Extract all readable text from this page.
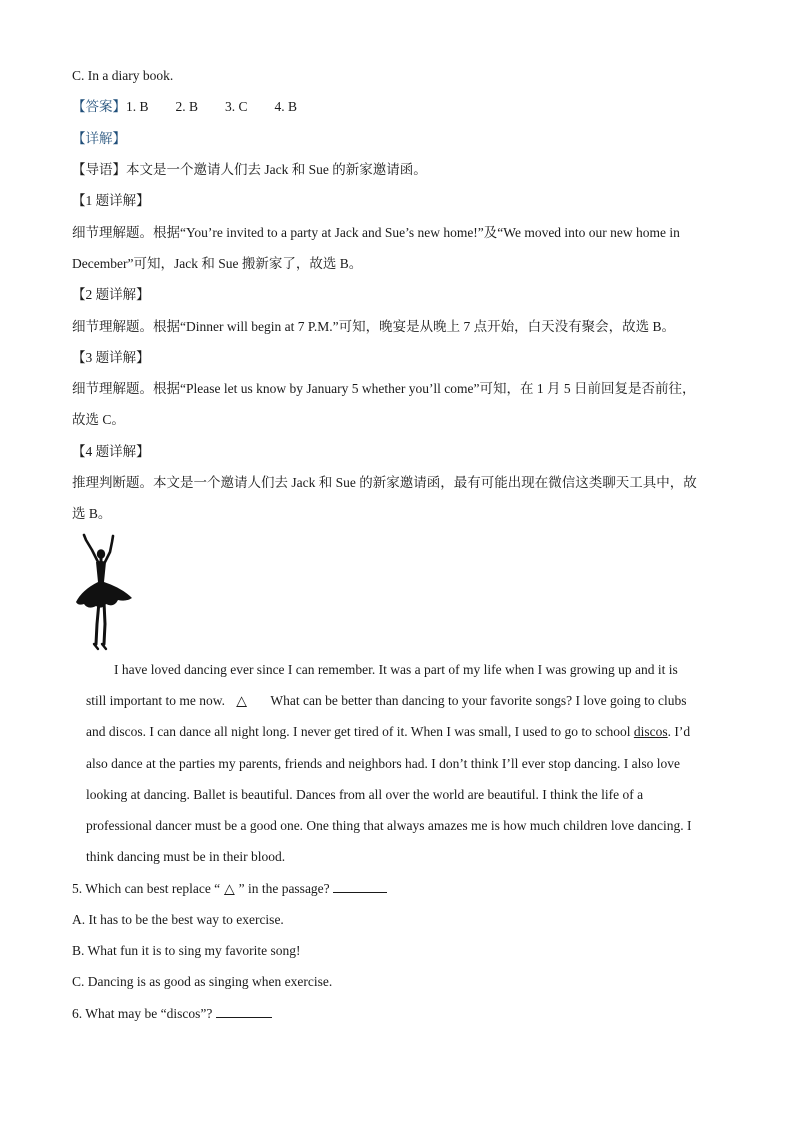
C. In a diary book.
【答案】1. B 2. B 3. C 4. B
【详解】
【导语】本文是一个邀请人们去 Jack 和 Sue 的新家邀请函。
【1 题详解】
细节理解题。根据“You’re invited to a party at Jack and Sue’s new home!”及“We moved into our new home in
December”可知，Jack 和 Sue 搬新家了，故选 B。
【2 题详解】
细节理解题。根据“Dinner will begin at 7 P.M.”可知，晚宴是从晚上 7 点开始，白天没有聚会，故选 B。
【3 题详解】
细节理解题。根据“Please let us know by January 5 whether you’ll come”可知，在 1 月 5 日前回复是否前往，
故选 C。
【4 题详解】
推理判断题。本文是一个邀请人们去 Jack 和 Sue 的新家邀请函，最有可能出现在微信这类聊天工具中，故
选 B。
I have loved dancing ever since I can remember. It was a part of my life when I was growing up and it is
still important to me now. △ What can be better than dancing to your favorite songs? I love going to clubs
and discos. I can dance all night long. I never get tired of it. When I was small, I used to go to school discos. I’d
also dance at the parties my parents, friends and neighbors had. I don’t think I’ll ever stop dancing. I also love
looking at dancing. Ballet is beautiful. Dances from all over the world are beautiful. I think the life of a
professional dancer must be a good one. One thing that always amazes me is how much children love dancing. I
think dancing must be in their blood.
5. Which can best replace “ △ ” in the passage?
A. It has to be the best way to exercise.
B. What fun it is to sing my favorite song!
C. Dancing is as good as singing when exercise.
6. What may be “discos”?
